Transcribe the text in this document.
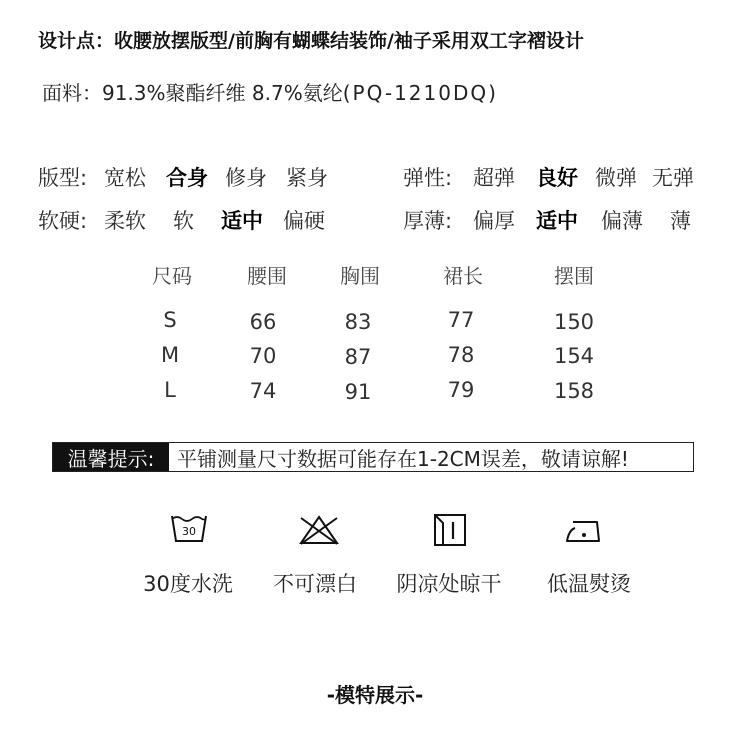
设计点：收腰放摆版型/前胸有蝴蝶结装饰/袖子采用双工字褶设计
面料：91.3%聚酯纤维 8.7%氨纶(PQ-1210DQ)
版型: 宽松 合身 修身 紧身	弹性: 超弹 良好 微弹 无弹
软硬: 柔软 软 适中 偏硬	厚薄: 偏厚 适中 偏薄 薄
尺码	腰围	胸围	裙长	摆围
S	66	83	77	150
M	70	87	78	154
L	74	91	79	158
温馨提示:	平铺测量尺寸数据可能存在1-2CM误差，敬请谅解!
30
30度水洗 不可漂白 阴凉处晾干 低温熨烫
-模特展示-
